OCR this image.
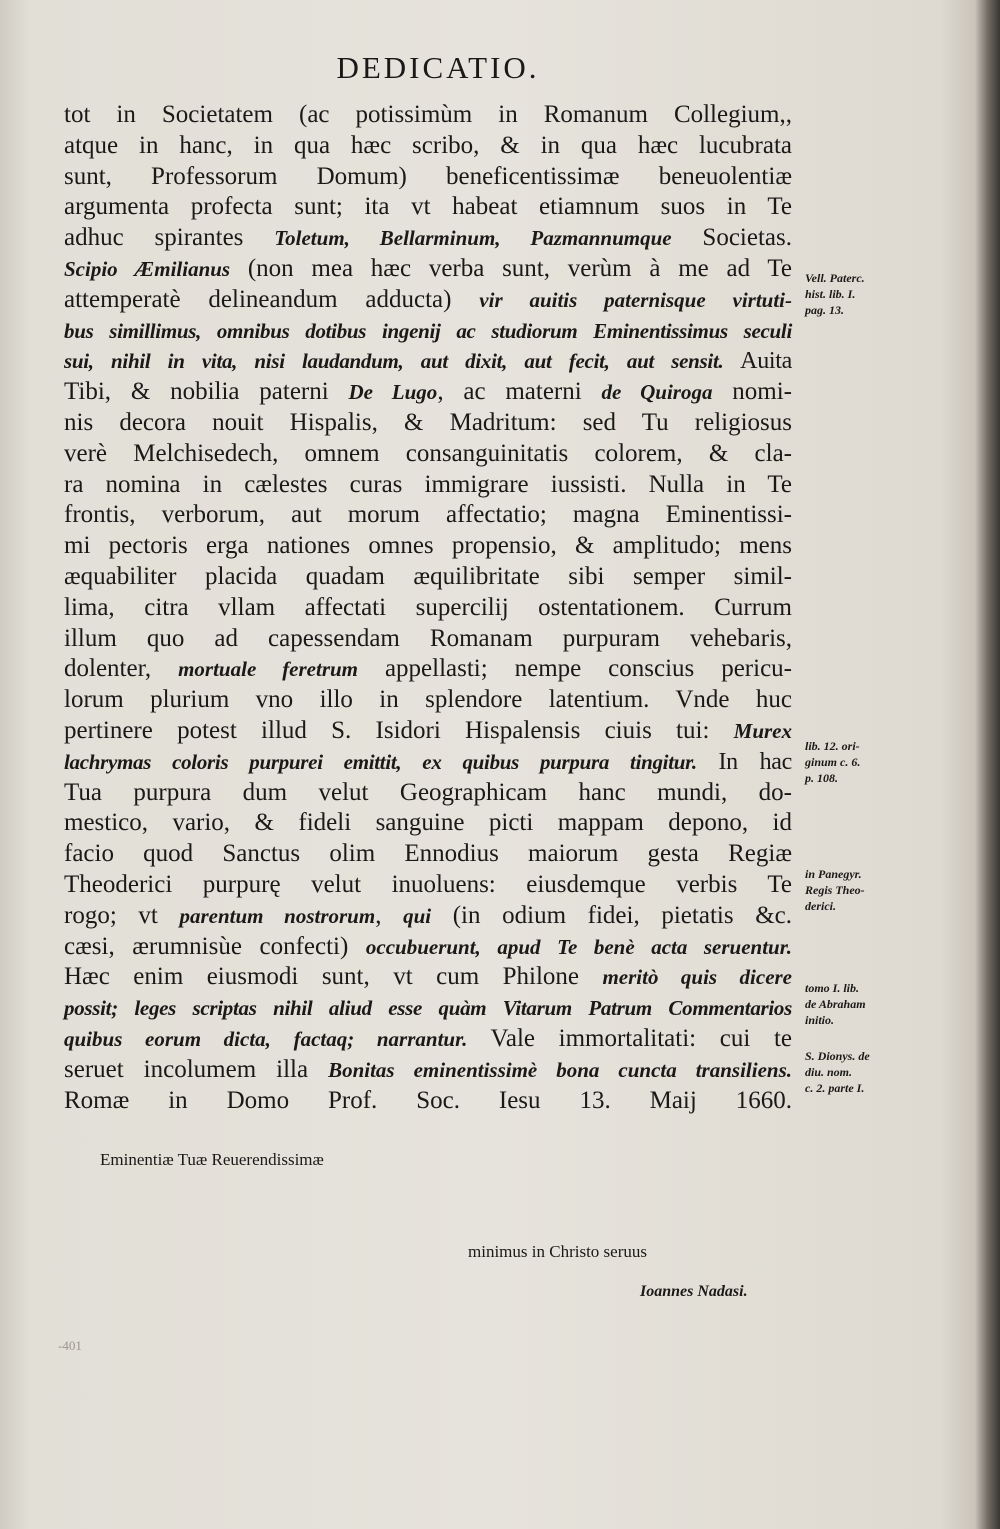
DEDICATIO.
tot in Societatem (ac potissimùm in Romanum Collegium,,
atque in hanc, in qua hæc scribo, & in qua hæc lucubrata
sunt, Professorum Domum) beneficentissimæ beneuolentiæ
argumenta profecta sunt; ita vt habeat etiamnum suos in Te
adhuc spirantes Toletum, Bellarminum, Pazmannumque Societas.
Scipio Æmilianus (non mea hæc verba sunt, verùm à me ad Te
attemperatè delineandum adducta) vir auitis paternisque virtuti-
bus simillimus, omnibus dotibus ingenij ac studiorum Eminentissimus seculi
sui, nihil in vita, nisi laudandum, aut dixit, aut fecit, aut sensit. Auita
Tibi, & nobilia paterni De Lugo, ac materni de Quiroga nomi-
nis decora nouit Hispalis, & Madritum: sed Tu religiosus
verè Melchisedech, omnem consanguinitatis colorem, & cla-
ra nomina in cælestes curas immigrare iussisti. Nulla in Te
frontis, verborum, aut morum affectatio; magna Eminentissi-
mi pectoris erga nationes omnes propensio, & amplitudo; mens
æquabiliter placida quadam æquilibritate sibi semper simil-
lima, citra vllam affectati supercilij ostentationem. Currum
illum quo ad capessendam Romanam purpuram vehebaris,
dolenter, mortuale feretrum appellasti; nempe conscius pericu-
lorum plurium vno illo in splendore latentium. Vnde huc
pertinere potest illud S. Isidori Hispalensis ciuis tui: Murex
lachrymas coloris purpurei emittit, ex quibus purpura tingitur. In hac
Tua purpura dum velut Geographicam hanc mundi, do-
mestico, vario, & fideli sanguine picti mappam depono, id
facio quod Sanctus olim Ennodius maiorum gesta Regiæ
Theoderici purpurę velut inuoluens: eiusdemque verbis Te
rogo; vt parentum nostrorum, qui (in odium fidei, pietatis &c.
cæsi, ærumnisùe confecti) occubuerunt, apud Te benè acta seruentur.
Hæc enim eiusmodi sunt, vt cum Philone meritò quis dicere
possit; leges scriptas nihil aliud esse quàm Vitarum Patrum Commentarios
quibus eorum dicta, factaq; narrantur. Vale immortalitati: cui te
seruet incolumem illa Bonitas eminentissimè bona cuncta transiliens.
Romæ in Domo Prof. Soc. Iesu 13. Maij 1660.
Vell. Paterc.
hist. lib. I.
pag. 13.
lib. 12. ori-
ginum c. 6.
p. 108.
in Panegyr.
Regis Theo-
derici.
tomo I. lib.
de Abraham
initio.
S. Dionys. de
diu. nom.
c. 2. parte I.
Eminentiæ Tuæ Reuerendissimæ
minimus in Christo seruus
Ioannes Nadasi.
-401
